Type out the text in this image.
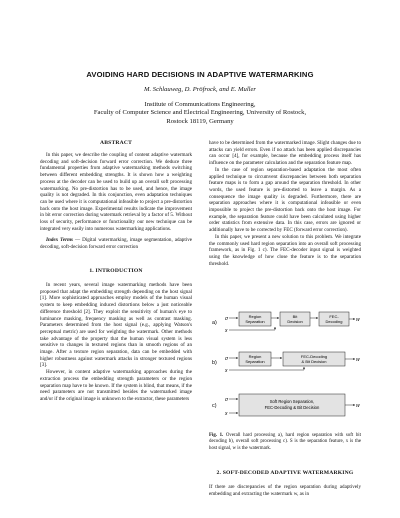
AVOIDING HARD DECISIONS IN ADAPTIVE WATERMARKING
M. Schlauweg, D. Pröfrock, and E. Muller
Institute of Communications Engineering,
Faculty of Computer Science and Electrical Engineering, University of Rostock,
Rostock 18119, Germany
ABSTRACT

In this paper, we describe the coupling of content adaptive watermark decoding and soft-decision forward error correction. We deduce three fundamental properties from adaptive watermarking methods switching between different embedding strengths. It is shown how a weighting process at the decoder can be used to build up an overall soft processing watermarking. No pre-distortion has to be used, and hence, the image quality is not degraded. In this conjunction, even adaptation techniques can be used where it is computational infeasible to project a pre-distortion back onto the host image. Experimental results indicate the improvement in bit error correction during watermark retrieval by a factor of 5. Without loss of security, performance or functionality our new technique can be integrated very easily into numerous watermarking applications.

Index Terms — Digital watermarking, image segmentation, adaptive decoding, soft-decision forward error correction

1. INTRODUCTION

In recent years, several image watermarking methods have been proposed that adapt the embedding strength depending on the host signal [1]. More sophisticated approaches employ models of the human visual system to keep embedding induced distortions below a just noticeable difference threshold [2]. They exploit the sensitivity of human's eye to luminance masking, frequency masking as well as contrast masking. Parameters determined from the host signal (e.g., applying Watson's perceptual metric) are used for weighting the watermark. Other methods take advantage of the property that the human visual system is less sensitive to changes in textured regions than in smooth regions of an image. After a texture region separation, data can be embedded with higher robustness against watermark attacks in stronger textured regions [3].

However, in content adaptive watermarking approaches during the extraction process the embedding strength parameters or the region separation map have to be known. If the system is blind, that means, if the need parameters are not transmitted besides the watermarked image and/or if the original image is unknown to the extractor, these parameters

have to be determined from the watermarked image. Slight changes due to attacks can yield errors. Even if no attack has been applied discrepancies can occur [4], for example, because the embedding process itself has influence on the parameter calculation and the separation feature map.

In the case of region separation-based adaptation the most often applied technique to circumvent discrepancies between both separation feature maps is to form a gap around the separation threshold. In other words, the used feature is pre-distorted to leave a margin. As a consequence the image quality is degraded. Furthermore, there are separation approaches where it is computational infeasible or even impossible to project the pre-distortion back onto the host image. For example, the separation feature could have been calculated using higher order statistics from extensive data. In this case, errors are ignored or additionally have to be corrected by FEC (forward error correction).

In this paper, we present a new solution to this problem. We integrate the commonly used hard region separation into an overall soft processing framework, as in Fig. 1 c). The FEC-decoder input signal is weighted using the knowledge of how close the feature is to the separation threshold.

a)
σ
x
Region
Separation
Bit
Decision
FEC-
Decoding	w
b)
σ
x
Region
Separation
FEC-Decoding
& Bit Decision	w
c)
σ
x
Soft Region Separation,
FEC-Decoding & Bit Decision	w
Fig. 1. Overall hard processing a), hard region separation with soft bit decoding b), overall soft processing c). S is the separation feature, x is the host signal, w is the watermark.
2. SOFT-DECODED ADAPTIVE WATERMARKING

If there are discrepancies of the region separation during adaptively embedding and extracting the watermark w, as in
